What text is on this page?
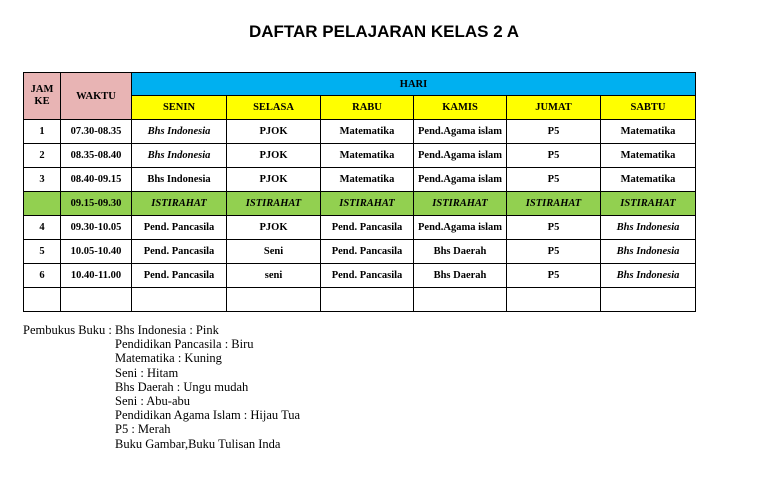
DAFTAR PELAJARAN KELAS 2 A
JAM KE	WAKTU	HARI					
		SENIN	SELASA	RABU	KAMIS	JUMAT	SABTU
1	07.30-08.35	Bhs Indonesia	PJOK	Matematika	Pend.Agama islam	P5	Matematika
2	08.35-08.40	Bhs Indonesia	PJOK	Matematika	Pend.Agama islam	P5	Matematika
3	08.40-09.15	Bhs Indonesia	PJOK	Matematika	Pend.Agama islam	P5	Matematika
	09.15-09.30	ISTIRAHAT	ISTIRAHAT	ISTIRAHAT	ISTIRAHAT	ISTIRAHAT	ISTIRAHAT
4	09.30-10.05	Pend. Pancasila	PJOK	Pend. Pancasila	Pend.Agama islam	P5	Bhs Indonesia
5	10.05-10.40	Pend. Pancasila	Seni	Pend. Pancasila	Bhs Daerah	P5	Bhs Indonesia
6	10.40-11.00	Pend. Pancasila	seni	Pend. Pancasila	Bhs Daerah	P5	Bhs Indonesia

Pembukus Buku : Bhs Indonesia : Pink
Pendidikan Pancasila : Biru
Matematika : Kuning
Seni : Hitam
Bhs Daerah : Ungu mudah
Seni : Abu-abu
Pendidikan Agama Islam : Hijau Tua
P5 : Merah
Buku Gambar,Buku Tulisan Inda
